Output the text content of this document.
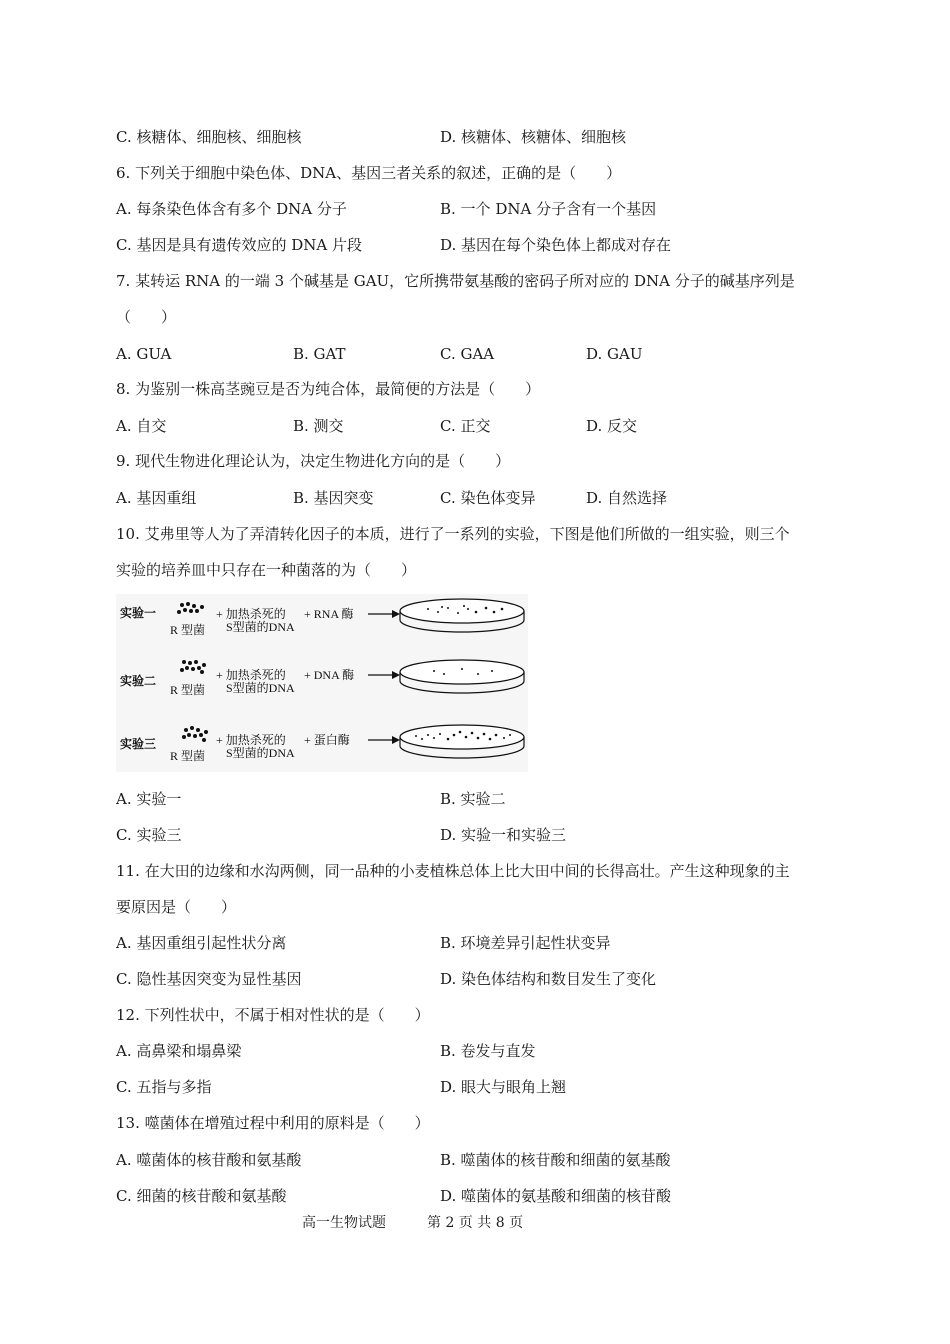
C. 核糖体、细胞核、细胞核	D. 核糖体、核糖体、细胞核
6. 下列关于细胞中染色体、DNA、基因三者关系的叙述，正确的是（　　）
A. 每条染色体含有多个 DNA 分子	B. 一个 DNA 分子含有一个基因
C. 基因是具有遗传效应的 DNA 片段	D. 基因在每个染色体上都成对存在
7. 某转运 RNA 的一端 3 个碱基是 GAU，它所携带氨基酸的密码子所对应的 DNA 分子的碱基序列是
（　　）
A. GUA	B. GAT	C. GAA	D. GAU
8. 为鉴别一株高茎豌豆是否为纯合体，最简便的方法是（　　）
A. 自交	B. 测交	C. 正交	D. 反交
9. 现代生物进化理论认为，决定生物进化方向的是（　　）
A. 基因重组	B. 基因突变	C. 染色体变异	D. 自然选择
10. 艾弗里等人为了弄清转化因子的本质，进行了一系列的实验，下图是他们所做的一组实验，则三个
实验的培养皿中只存在一种菌落的为（　　）
实验一
R 型菌
+ 加热杀死的
S型菌的DNA
+ RNA 酶
实验二
R 型菌
+ 加热杀死的
S型菌的DNA
+ DNA 酶
实验三
R 型菌
+ 加热杀死的
S型菌的DNA
+ 蛋白酶
A. 实验一	B. 实验二
C. 实验三	D. 实验一和实验三
11. 在大田的边缘和水沟两侧，同一品种的小麦植株总体上比大田中间的长得高壮。产生这种现象的主
要原因是（　　）
A. 基因重组引起性状分离	B. 环境差异引起性状变异
C. 隐性基因突变为显性基因	D. 染色体结构和数目发生了变化
12. 下列性状中，不属于相对性状的是（　　）
A. 高鼻梁和塌鼻梁	B. 卷发与直发
C. 五指与多指	D. 眼大与眼角上翘
13. 噬菌体在增殖过程中利用的原料是（　　）
A. 噬菌体的核苷酸和氨基酸	B. 噬菌体的核苷酸和细菌的氨基酸
C. 细菌的核苷酸和氨基酸	D. 噬菌体的氨基酸和细菌的核苷酸
高一生物试题	第 2 页 共 8 页
